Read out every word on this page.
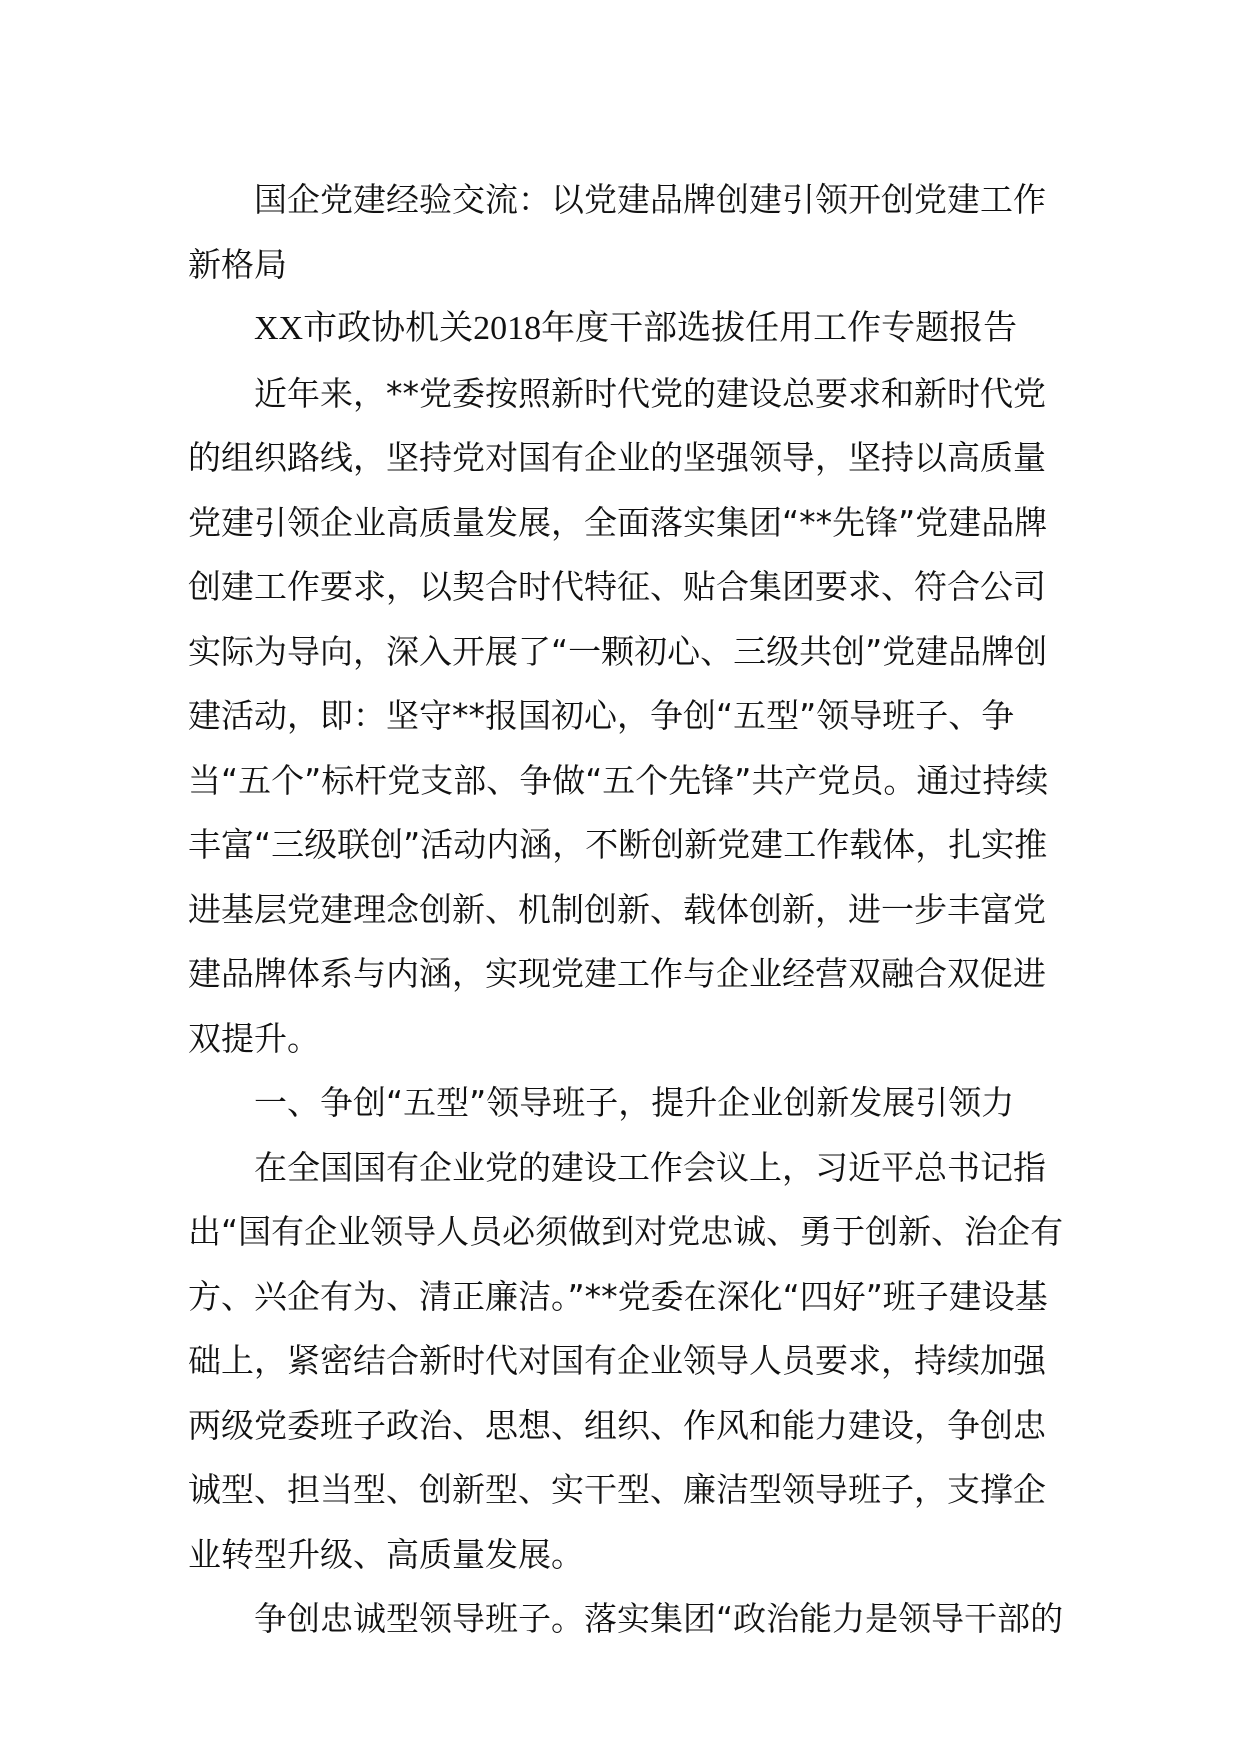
国企党建经验交流：以党建品牌创建引领开创党建工作新格局

XX市政协机关2018年度干部选拔任用工作专题报告

近年来，**党委按照新时代党的建设总要求和新时代党的组织路线，坚持党对国有企业的坚强领导，坚持以高质量党建引领企业高质量发展，全面落实集团“**先锋”党建品牌创建工作要求，以契合时代特征、贴合集团要求、符合公司实际为导向，深入开展了“一颗初心、三级共创”党建品牌创建活动，即：坚守**报国初心，争创“五型”领导班子、争当“五个”标杆党支部、争做“五个先锋”共产党员。通过持续丰富“三级联创”活动内涵，不断创新党建工作载体，扎实推进基层党建理念创新、机制创新、载体创新，进一步丰富党建品牌体系与内涵，实现党建工作与企业经营双融合双促进双提升。

一、争创“五型”领导班子，提升企业创新发展引领力

在全国国有企业党的建设工作会议上，习近平总书记指出“国有企业领导人员必须做到对党忠诚、勇于创新、治企有方、兴企有为、清正廉洁。”**党委在深化“四好”班子建设基础上，紧密结合新时代对国有企业领导人员要求，持续加强两级党委班子政治、思想、组织、作风和能力建设，争创忠诚型、担当型、创新型、实干型、廉洁型领导班子，支撑企业转型升级、高质量发展。

争创忠诚型领导班子。落实集团“政治能力是领导干部的
